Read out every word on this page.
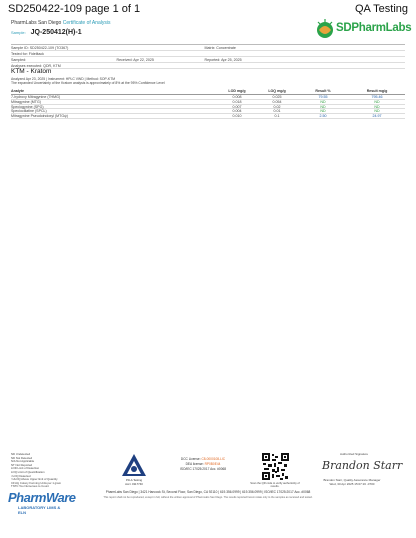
SD250422-109 page 1 of 1	QA Testing
PharmLabs San Diego Certificate of Analysis
Sample: JQ-250412(H)-1	SDPharmLabs
Sample ID: SD250422-109 (TO367)	Matrix: Concentrate
Tested for: Fidelitack
Sampled:	Received: Apr 22, 2025	Reported: Apr 25, 2025
Analyses executed: QDR, KTM
KTM - Kratom
Analyzed Apr 23, 2025 | Instrument: HPLC VWD | Method: SOP-KTM
The expanded Uncertainty of the Kratom analysis is approximately of 8% at the 95% Confidence Level
Analyte	LOD mg/g	LOQ mg/g	Result %	Result mg/g
7-hydroxy Mitragynine (7HMG)	0.008	0.025	79.55	795.46
Mitragynine (MTG)	0.018	0.054	ND	ND
Speciogynine (SPG)	0.007	0.02	ND	ND
Speciociliatine (SPCL)	0.004	0.01	ND	ND
Mitragynine Pseudoindoxyl (MTGψ)	0.010	0.1	2.50	24.97
ND Undetected
ND Not Detected
N/A Not Applicable
NT Not Reported
LOD Limit of Detection
LOQ Limit of Quantification
<LOQ Detected
>ULOQ Above Upper limit of Quantity
CFU/g Colony Forming Units per 1 gram
TNTC Too Numerous to Count
PharmWare
LABORATORY LIMS & ELN
PJLA Testing
Accr. #117740
DCC License: C8-0000108-LIC
DEA license: RP0B0E44
ISO/IEC 17025:2017 Acc. #0068
Scan the QR code to verify authenticity of results.
Authorized Signature
Brandon Starr
Brandon Starr, Quality Assurance Manager
Wed, 30 Apr 2025 15:07:16 -0700
PharmLabs San Diego | 3421 Hancock St, Second Floor, San Diego, CA 92110 | 619.356.0999 | 619.356.0999 | ISO/IEC 17025:2017 Acc. #0068
This report shall not be reproduced, except in full, without the written approval of PharmLabs San Diego. The results reported herein relate only to the samples as received and tested.
